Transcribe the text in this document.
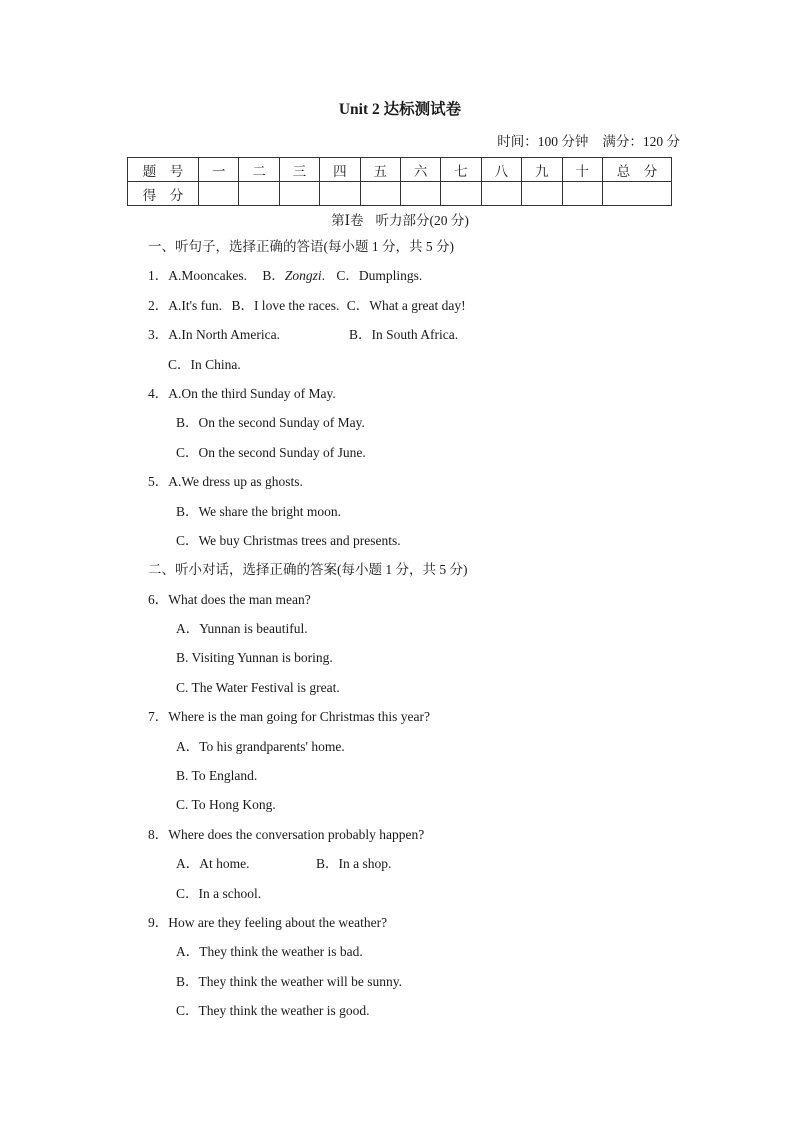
Unit 2 达标测试卷
时间：100 分钟 满分：120 分
题　号	一	二	三	四	五	六	七	八	九	十	总　分
得　分											
第Ⅰ卷 听力部分(20 分)
一、听句子，选择正确的答语(每小题 1 分，共 5 分)
1．A.Mooncakes. B．Zongzi. C．Dumplings.
2．A.It's fun. B．I love the races. C．What a great day!
3．A.In North America.	B．In South Africa.
C．In China.
4．A.On the third Sunday of May.
B．On the second Sunday of May.
C．On the second Sunday of June.
5．A.We dress up as ghosts.
B．We share the bright moon.
C．We buy Christmas trees and presents.
二、听小对话，选择正确的答案(每小题 1 分，共 5 分)
6．What does the man mean?
A．Yunnan is beautiful.
B. Visiting Yunnan is boring.
C. The Water Festival is great.
7．Where is the man going for Christmas this year?
A．To his grandparents' home.
B. To England.
C. To Hong Kong.
8．Where does the conversation probably happen?
A．At home.	B．In a shop.
C．In a school.
9．How are they feeling about the weather?
A．They think the weather is bad.
B．They think the weather will be sunny.
C．They think the weather is good.
